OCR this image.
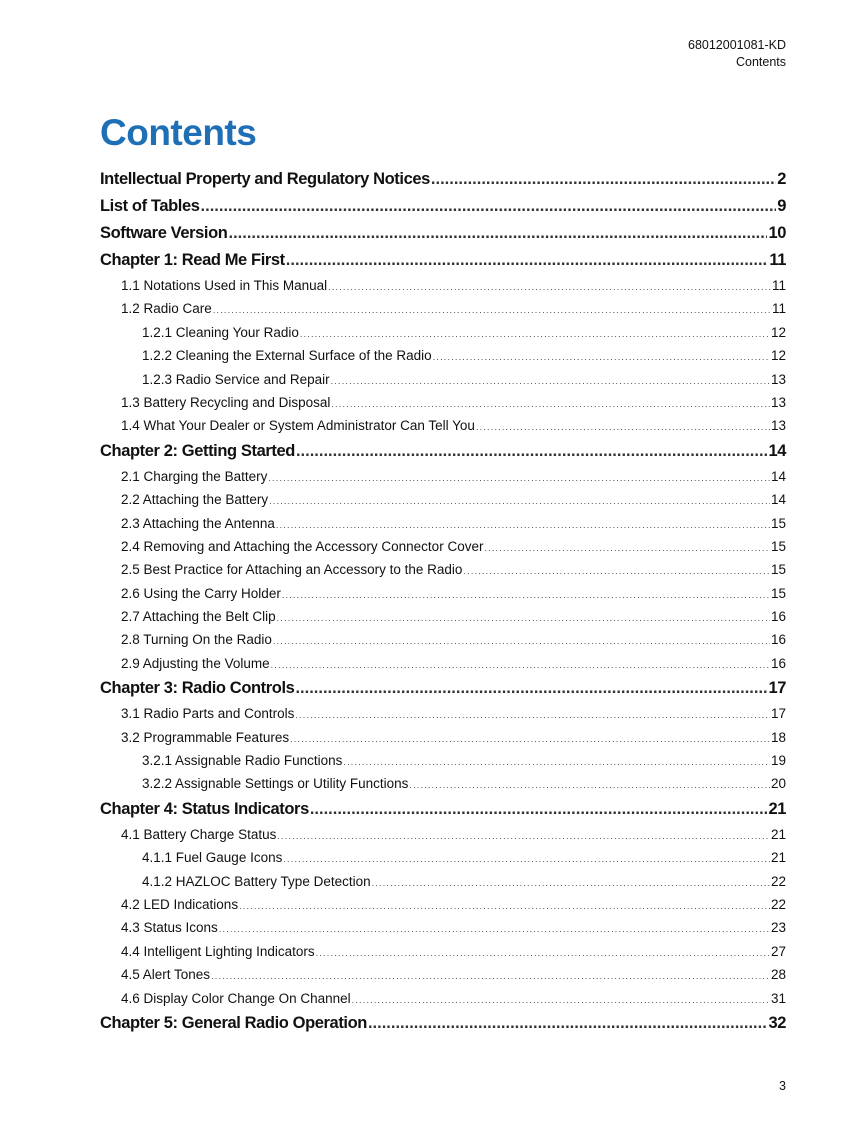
68012001081-KD
Contents
Contents
Intellectual Property and Regulatory Notices .....	2
List of Tables .....	9
Software Version .....	10
Chapter 1: Read Me First .....	11
1.1 Notations Used in This Manual .....	11
1.2 Radio Care .....	11
1.2.1 Cleaning Your Radio .....	12
1.2.2 Cleaning the External Surface of the Radio .....	12
1.2.3 Radio Service and Repair .....	13
1.3 Battery Recycling and Disposal .....	13
1.4 What Your Dealer or System Administrator Can Tell You .....	13
Chapter 2: Getting Started .....	14
2.1 Charging the Battery .....	14
2.2 Attaching the Battery .....	14
2.3 Attaching the Antenna .....	15
2.4 Removing and Attaching the Accessory Connector Cover .....	15
2.5 Best Practice for Attaching an Accessory to the Radio .....	15
2.6 Using the Carry Holder .....	15
2.7 Attaching the Belt Clip .....	16
2.8 Turning On the Radio .....	16
2.9 Adjusting the Volume .....	16
Chapter 3: Radio Controls .....	17
3.1 Radio Parts and Controls .....	17
3.2 Programmable Features .....	18
3.2.1 Assignable Radio Functions .....	19
3.2.2 Assignable Settings or Utility Functions .....	20
Chapter 4: Status Indicators .....	21
4.1 Battery Charge Status .....	21
4.1.1 Fuel Gauge Icons .....	21
4.1.2 HAZLOC Battery Type Detection .....	22
4.2 LED Indications .....	22
4.3 Status Icons .....	23
4.4 Intelligent Lighting Indicators .....	27
4.5 Alert Tones .....	28
4.6 Display Color Change On Channel .....	31
Chapter 5: General Radio Operation .....	32
3
